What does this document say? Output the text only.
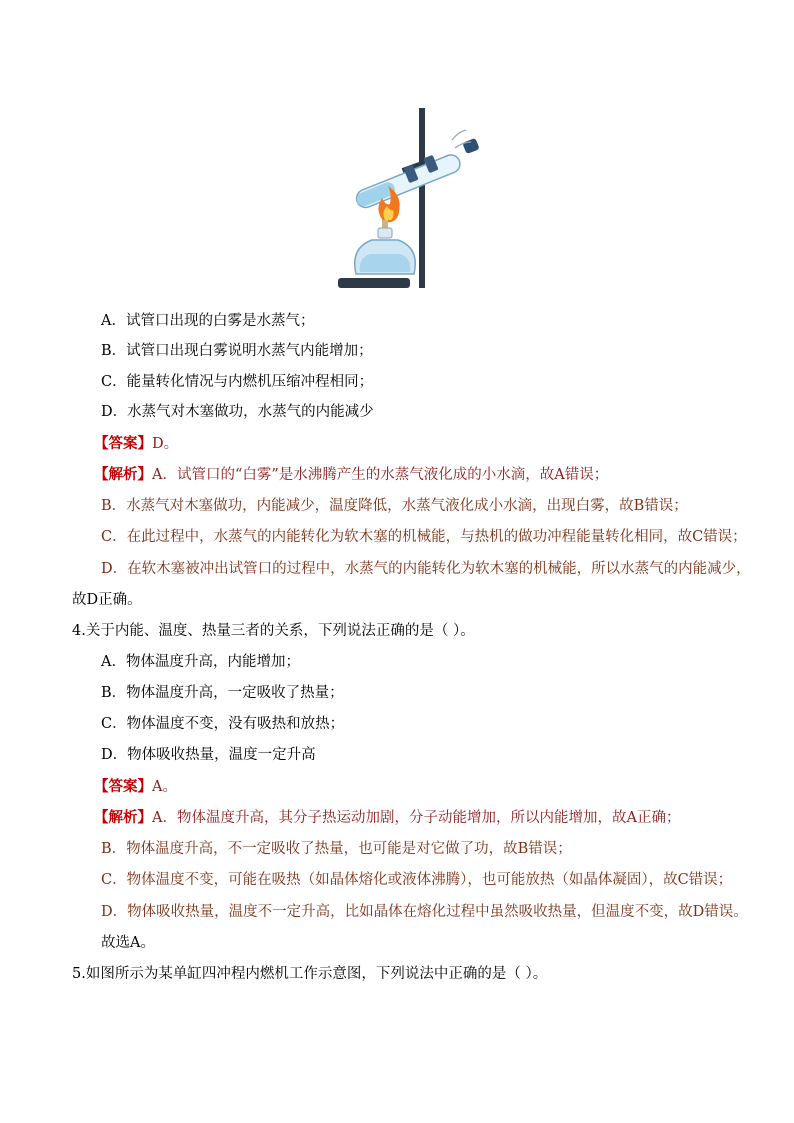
A．试管口出现的白雾是水蒸气；
B．试管口出现白雾说明水蒸气内能增加；
C．能量转化情况与内燃机压缩冲程相同；
D．水蒸气对木塞做功，水蒸气的内能减少
【答案】D。
【解析】A．试管口的“白雾”是水沸腾产生的水蒸气液化成的小水滴，故A错误；
B．水蒸气对木塞做功，内能减少，温度降低，水蒸气液化成小水滴，出现白雾，故B错误；
C．在此过程中，水蒸气的内能转化为软木塞的机械能，与热机的做功冲程能量转化相同，故C错误；
D．在软木塞被冲出试管口的过程中，水蒸气的内能转化为软木塞的机械能，所以水蒸气的内能减少，
故D正确。
4.关于内能、温度、热量三者的关系，下列说法正确的是（ ）。
A．物体温度升高，内能增加；
B．物体温度升高，一定吸收了热量；
C．物体温度不变，没有吸热和放热；
D．物体吸收热量，温度一定升高
【答案】A。
【解析】A．物体温度升高，其分子热运动加剧，分子动能增加，所以内能增加，故A正确；
B．物体温度升高，不一定吸收了热量，也可能是对它做了功，故B错误；
C．物体温度不变，可能在吸热（如晶体熔化或液体沸腾），也可能放热（如晶体凝固），故C错误；
D．物体吸收热量，温度不一定升高，比如晶体在熔化过程中虽然吸收热量，但温度不变，故D错误。
故选A。
5.如图所示为某单缸四冲程内燃机工作示意图，下列说法中正确的是（ ）。
